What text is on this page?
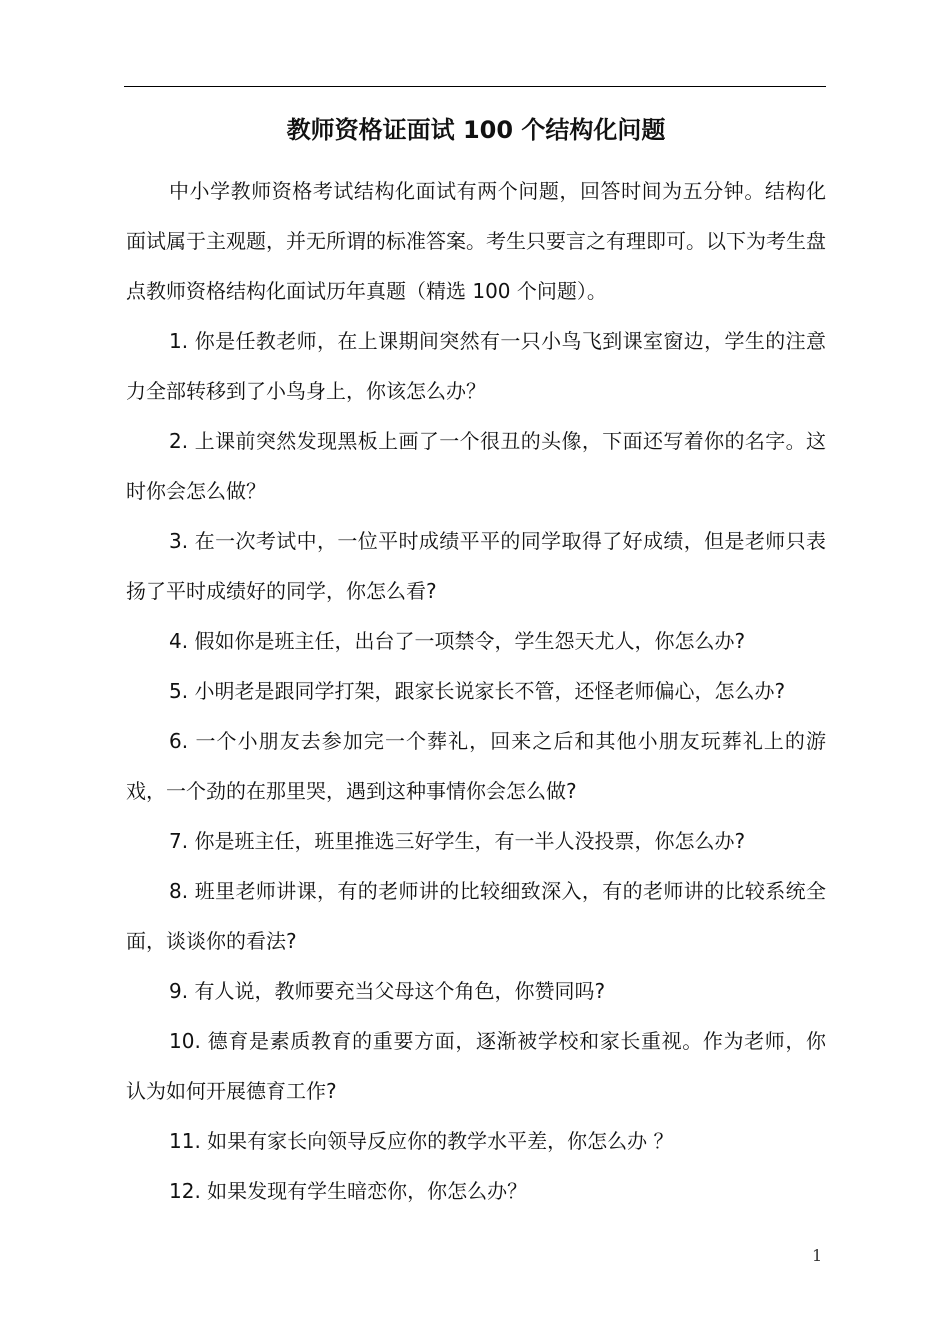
教师资格证面试 100 个结构化问题

中小学教师资格考试结构化面试有两个问题，回答时间为五分钟。结构化面试属于主观题，并无所谓的标准答案。考生只要言之有理即可。以下为考生盘点教师资格结构化面试历年真题（精选 100 个问题）。

1. 你是任教老师，在上课期间突然有一只小鸟飞到课室窗边，学生的注意力全部转移到了小鸟身上，你该怎么办？
2. 上课前突然发现黑板上画了一个很丑的头像，下面还写着你的名字。这时你会怎么做？
3. 在一次考试中，一位平时成绩平平的同学取得了好成绩，但是老师只表扬了平时成绩好的同学，你怎么看?
4. 假如你是班主任，出台了一项禁令，学生怨天尤人，你怎么办?
5. 小明老是跟同学打架，跟家长说家长不管，还怪老师偏心，怎么办?
6. 一个小朋友去参加完一个葬礼，回来之后和其他小朋友玩葬礼上的游戏，一个劲的在那里哭，遇到这种事情你会怎么做?
7. 你是班主任，班里推选三好学生，有一半人没投票，你怎么办?
8. 班里老师讲课，有的老师讲的比较细致深入，有的老师讲的比较系统全面，谈谈你的看法?
9. 有人说，教师要充当父母这个角色，你赞同吗?
10. 德育是素质教育的重要方面，逐渐被学校和家长重视。作为老师，你认为如何开展德育工作?
11. 如果有家长向领导反应你的教学水平差，你怎么办 ？
12. 如果发现有学生暗恋你，你怎么办？
1
